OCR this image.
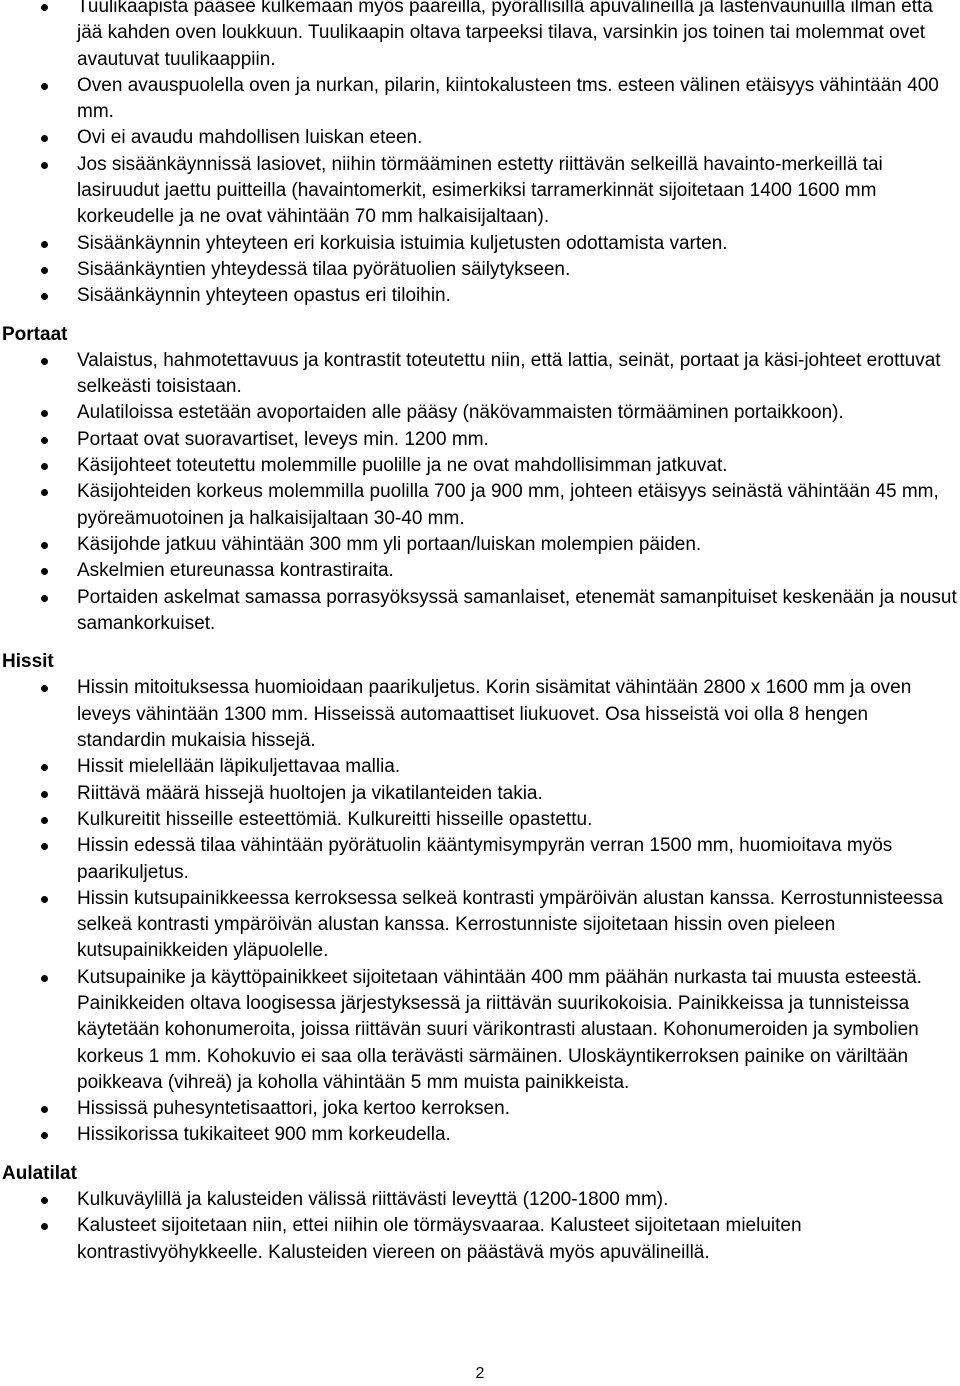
Tuulikaapista pääsee kulkemaan myös paareilla, pyörällisillä apuvälineillä ja lastenvaunuilla ilman että jää kahden oven loukkuun. Tuulikaapin oltava tarpeeksi tilava, varsinkin jos toinen tai molemmat ovet avautuvat tuulikaappiin.
Oven avauspuolella oven ja nurkan, pilarin, kiintokalusteen tms. esteen välinen etäisyys vähintään 400 mm.
Ovi ei avaudu mahdollisen luiskan eteen.
Jos sisäänkäynnissä lasiovet, niihin törmääminen estetty riittävän selkeillä havainto-merkeillä tai lasiruudut jaettu puitteilla (havaintomerkit, esimerkiksi tarramerkinnät sijoitetaan 1400 1600 mm korkeudelle ja ne ovat vähintään 70 mm halkaisijaltaan).
Sisäänkäynnin yhteyteen eri korkuisia istuimia kuljetusten odottamista varten.
Sisäänkäyntien yhteydessä tilaa pyörätuolien säilytykseen.
Sisäänkäynnin yhteyteen opastus eri tiloihin.

Portaat

Valaistus, hahmotettavuus ja kontrastit toteutettu niin, että lattia, seinät, portaat ja käsi-johteet erottuvat selkeästi toisistaan.
Aulatiloissa estetään avoportaiden alle pääsy (näkövammaisten törmääminen portaikkoon).
Portaat ovat suoravartiset, leveys min. 1200 mm.
Käsijohteet toteutettu molemmille puolille ja ne ovat mahdollisimman jatkuvat.
Käsijohteiden korkeus molemmilla puolilla 700 ja 900 mm, johteen etäisyys seinästä vähintään 45 mm, pyöreämuotoinen ja halkaisijaltaan 30-40 mm.
Käsijohde jatkuu vähintään 300 mm yli portaan/luiskan molempien päiden.
Askelmien etureunassa kontrastiraita.
Portaiden askelmat samassa porrasyöksyssä samanlaiset, etenemät samanpituiset keskenään ja nousut samankorkuiset.

Hissit

Hissin mitoituksessa huomioidaan paarikuljetus. Korin sisämitat vähintään 2800 x 1600 mm ja oven leveys vähintään 1300 mm. Hisseissä automaattiset liukuovet. Osa hisseistä voi olla 8 hengen standardin mukaisia hissejä.
Hissit mielellään läpikuljettavaa mallia.
Riittävä määrä hissejä huoltojen ja vikatilanteiden takia.
Kulkureitit hisseille esteettömiä. Kulkureitti hisseille opastettu.
Hissin edessä tilaa vähintään pyörätuolin kääntymisympyrän verran 1500 mm, huomioitava myös paarikuljetus.
Hissin kutsupainikkeessa kerroksessa selkeä kontrasti ympäröivän alustan kanssa. Kerrostunnisteessa selkeä kontrasti ympäröivän alustan kanssa. Kerrostunniste sijoitetaan hissin oven pieleen kutsupainikkeiden yläpuolelle.
Kutsupainike ja käyttöpainikkeet sijoitetaan vähintään 400 mm päähän nurkasta tai muusta esteestä. Painikkeiden oltava loogisessa järjestyksessä ja riittävän suurikokoisia. Painikkeissa ja tunnisteissa käytetään kohonumeroita, joissa riittävän suuri värikontrasti alustaan. Kohonumeroiden ja symbolien korkeus 1 mm. Kohokuvio ei saa olla terävästi särmäinen. Uloskäyntikerroksen painike on väriltään poikkeava (vihreä) ja koholla vähintään 5 mm muista painikkeista.
Hississä puhesyntetisaattori, joka kertoo kerroksen.
Hissikorissa tukikaiteet 900 mm korkeudella.

Aulatilat

Kulkuväylillä ja kalusteiden välissä riittävästi leveyttä (1200-1800 mm).
Kalusteet sijoitetaan niin, ettei niihin ole törmäysvaaraa. Kalusteet sijoitetaan mieluiten kontrastivyöhykkeelle. Kalusteiden viereen on päästävä myös apuvälineillä.
2
